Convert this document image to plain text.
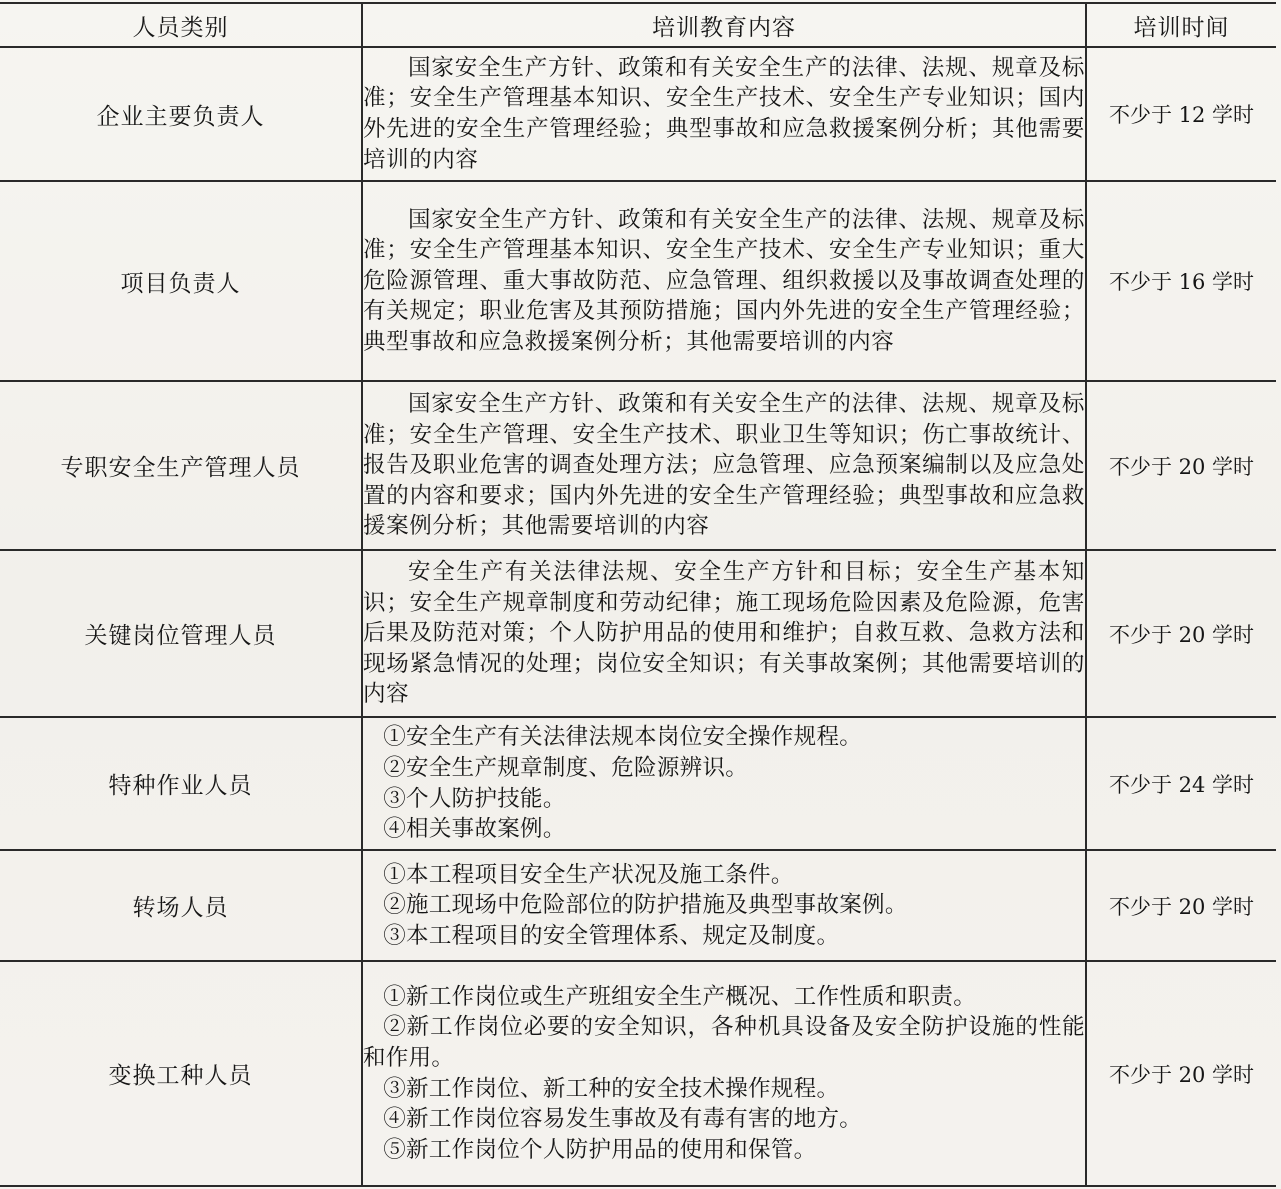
人员类别	培训教育内容	培训时间
企业主要负责人	国家安全生产方针、政策和有关安全生产的法律、法规、规章及标准；安全生产管理基本知识、安全生产技术、安全生产专业知识；国内外先进的安全生产管理经验；典型事故和应急救援案例分析；其他需要培训的内容	不少于 12 学时
项目负责人	国家安全生产方针、政策和有关安全生产的法律、法规、规章及标准；安全生产管理基本知识、安全生产技术、安全生产专业知识；重大危险源管理、重大事故防范、应急管理、组织救援以及事故调查处理的有关规定；职业危害及其预防措施；国内外先进的安全生产管理经验；典型事故和应急救援案例分析；其他需要培训的内容	不少于 16 学时
专职安全生产管理人员	国家安全生产方针、政策和有关安全生产的法律、法规、规章及标准；安全生产管理、安全生产技术、职业卫生等知识；伤亡事故统计、报告及职业危害的调查处理方法；应急管理、应急预案编制以及应急处置的内容和要求；国内外先进的安全生产管理经验；典型事故和应急救援案例分析；其他需要培训的内容	不少于 20 学时
关键岗位管理人员	安全生产有关法律法规、安全生产方针和目标；安全生产基本知识；安全生产规章制度和劳动纪律；施工现场危险因素及危险源，危害后果及防范对策；个人防护用品的使用和维护；自救互救、急救方法和现场紧急情况的处理；岗位安全知识；有关事故案例；其他需要培训的内容	不少于 20 学时
特种作业人员	①安全生产有关法律法规本岗位安全操作规程。
②安全生产规章制度、危险源辨识。
③个人防护技能。
④相关事故案例。	不少于 24 学时
转场人员	①本工程项目安全生产状况及施工条件。
②施工现场中危险部位的防护措施及典型事故案例。
③本工程项目的安全管理体系、规定及制度。	不少于 20 学时
变换工种人员	①新工作岗位或生产班组安全生产概况、工作性质和职责。
②新工作岗位必要的安全知识，各种机具设备及安全防护设施的性能和作用。
③新工作岗位、新工种的安全技术操作规程。
④新工作岗位容易发生事故及有毒有害的地方。
⑤新工作岗位个人防护用品的使用和保管。	不少于 20 学时
